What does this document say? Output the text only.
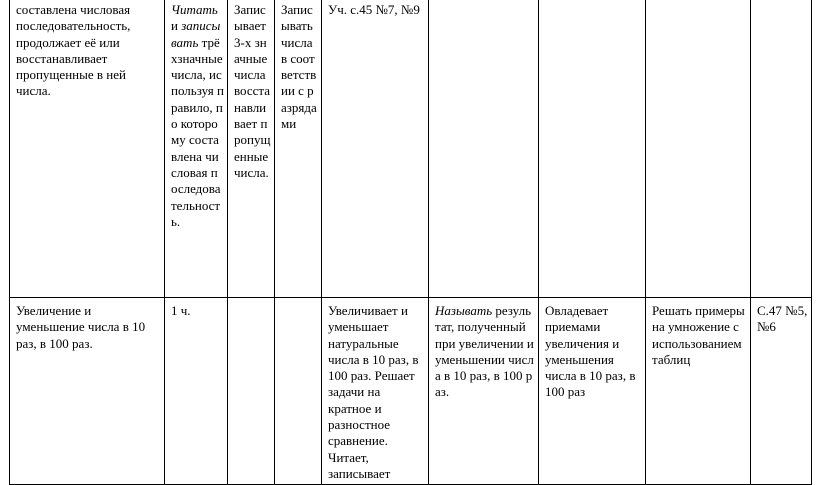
составлена числовая последовательность, продолжает её или восстанавливает пропущенные в ней числа.	Читать и записывать трёхзначные числа, используя правило, по которому составлена числовая последовательность.	Записывает 3-х значные числа восстанавливает пропущенные числа.	Записывать числа в соответствии с разрядами	Уч. с.45 №7, №9				
Увеличение и уменьшение числа в 10 раз, в 100 раз.	1 ч.			Увеличивает и уменьшает натуральные числа в 10 раз, в 100 раз. Решает задачи на кратное и разностное сравнение. Читает, записывает	Называть результат, полученный при увеличении и уменьшении числа в 10 раз, в 100 раз.	Овладевает приемами увеличения и уменьшения числа в 10 раз, в 100 раз	Решать примеры на умножение с использованием таблиц	С.47 №5, №6
